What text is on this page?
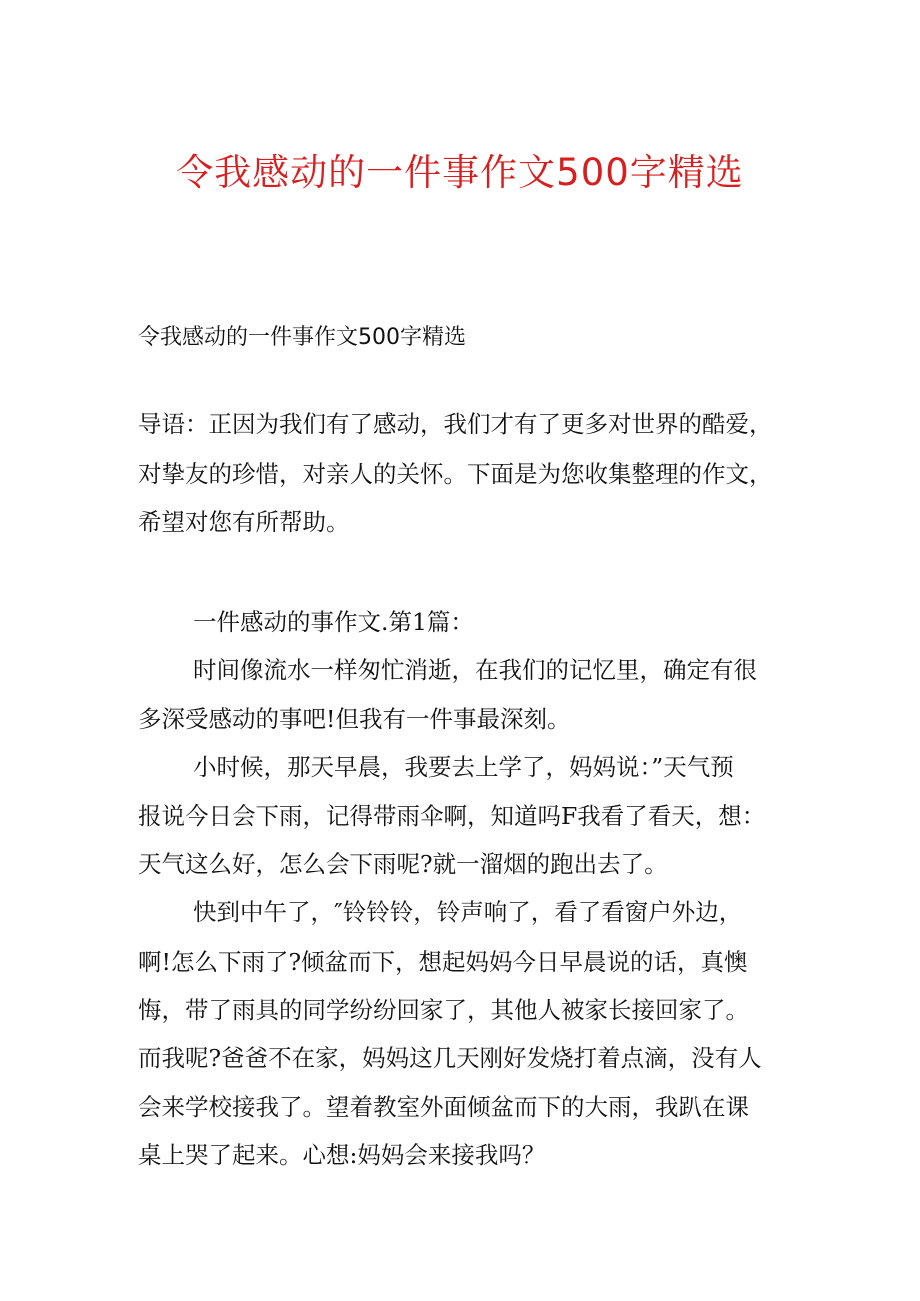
令我感动的一件事作文500字精选
令我感动的一件事作文500字精选
导语：正因为我们有了感动，我们才有了更多对世界的酷爱，
对挚友的珍惜，对亲人的关怀。下面是为您收集整理的作文，
希望对您有所帮助。
一件感动的事作文.第1篇：
时间像流水一样匆忙消逝，在我们的记忆里，确定有很
多深受感动的事吧!但我有一件事最深刻。
小时候，那天早晨，我要去上学了，妈妈说：”天气预
报说今日会下雨，记得带雨伞啊，知道吗F我看了看天，想：
天气这么好，怎么会下雨呢?就一溜烟的跑出去了。
快到中午了，″铃铃铃，铃声响了，看了看窗户外边，
啊!怎么下雨了?倾盆而下，想起妈妈今日早晨说的话，真懊
悔，带了雨具的同学纷纷回家了，其他人被家长接回家了。
而我呢?爸爸不在家，妈妈这几天刚好发烧打着点滴，没有人
会来学校接我了。望着教室外面倾盆而下的大雨，我趴在课
桌上哭了起来。心想:妈妈会来接我吗？
